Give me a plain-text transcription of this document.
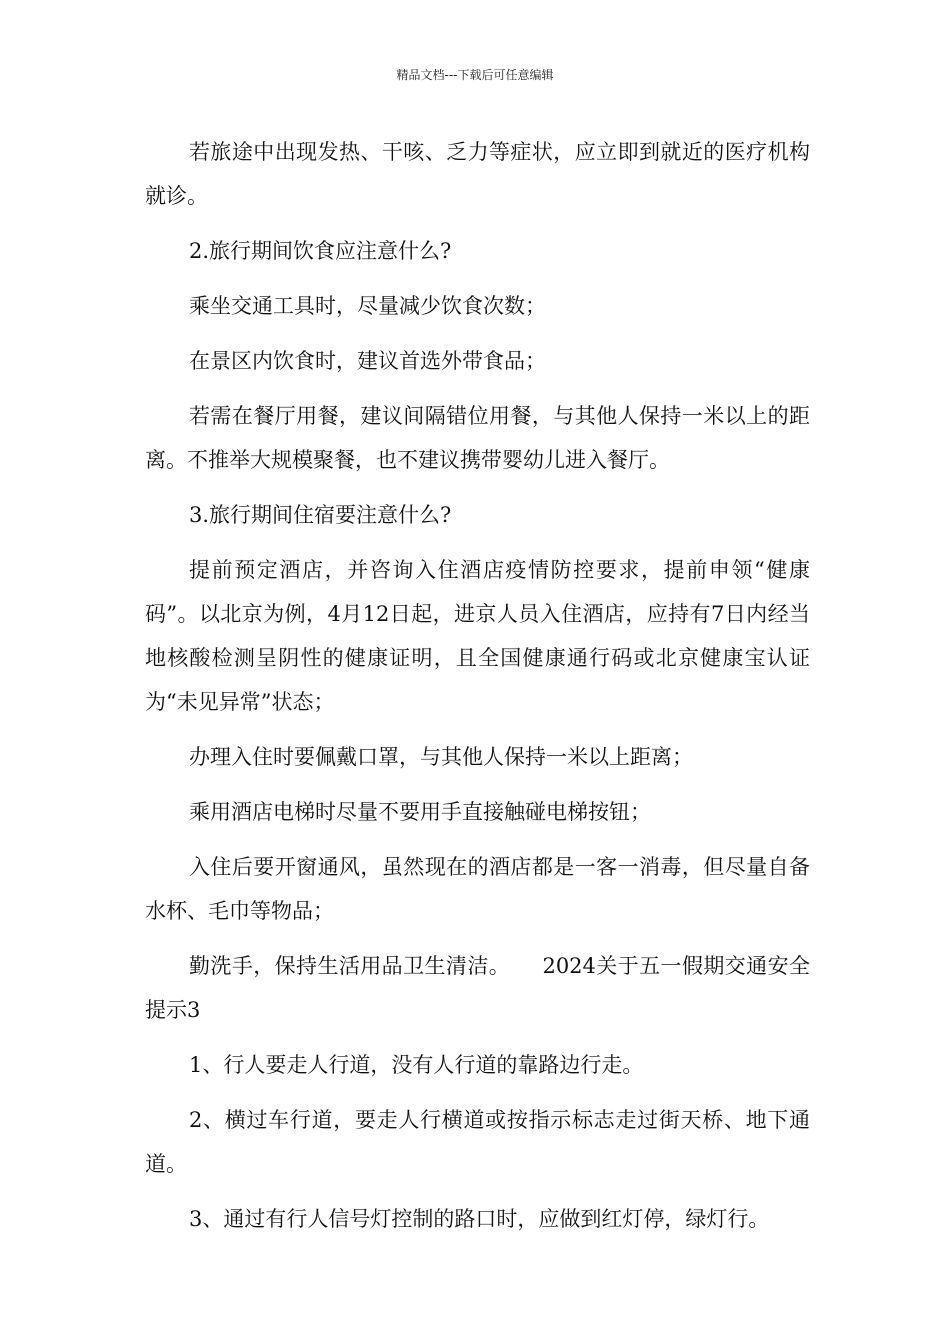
精品文档---下载后可任意编辑

若旅途中出现发热、干咳、乏力等症状，应立即到就近的医疗机构就诊。

2.旅行期间饮食应注意什么?

乘坐交通工具时，尽量减少饮食次数；

在景区内饮食时，建议首选外带食品；

若需在餐厅用餐，建议间隔错位用餐，与其他人保持一米以上的距离。不推举大规模聚餐，也不建议携带婴幼儿进入餐厅。

3.旅行期间住宿要注意什么?

提前预定酒店，并咨询入住酒店疫情防控要求，提前申领“健康码”。以北京为例，4月12日起，进京人员入住酒店，应持有7日内经当地核酸检测呈阴性的健康证明，且全国健康通行码或北京健康宝认证为“未见异常”状态；

办理入住时要佩戴口罩，与其他人保持一米以上距离；

乘用酒店电梯时尽量不要用手直接触碰电梯按钮；

入住后要开窗通风，虽然现在的酒店都是一客一消毒，但尽量自备水杯、毛巾等物品；

勤洗手，保持生活用品卫生清洁。　　2024关于五一假期交通安全提示3

1、行人要走人行道，没有人行道的靠路边行走。

2、横过车行道，要走人行横道或按指示标志走过街天桥、地下通道。

3、通过有行人信号灯控制的路口时，应做到红灯停，绿灯行。
